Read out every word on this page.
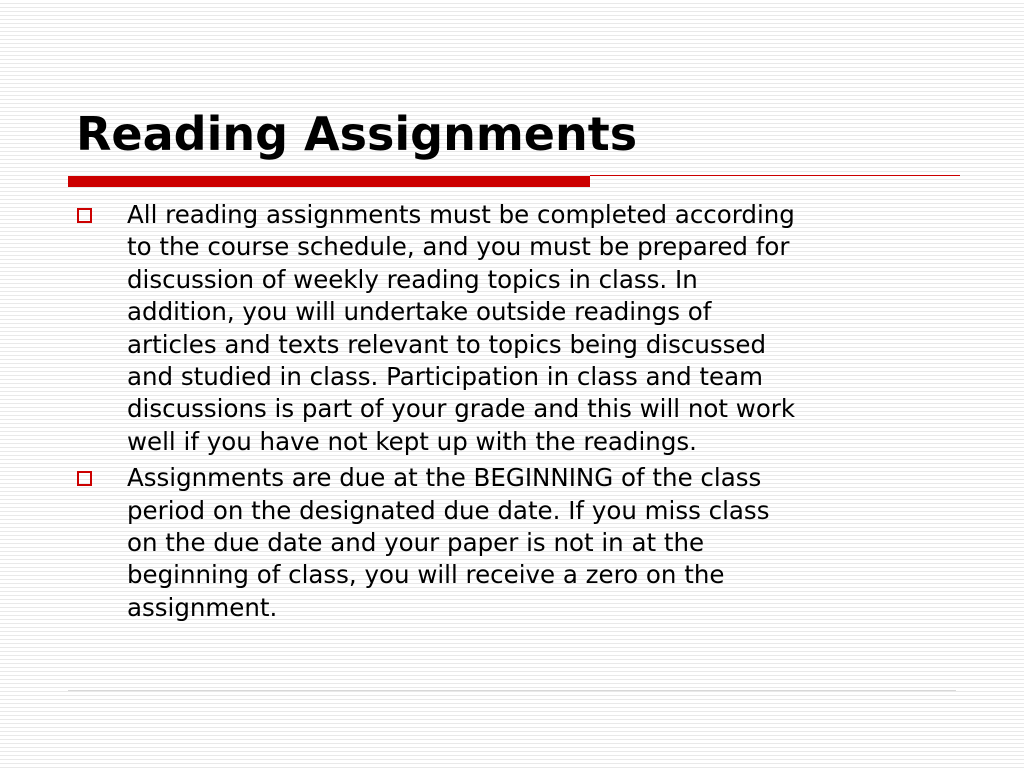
Reading Assignments
All reading assignments must be completed according
to the course schedule, and you must be prepared for
discussion of weekly reading topics in class. In
addition, you will undertake outside readings of
articles and texts relevant to topics being discussed
and studied in class. Participation in class and team
discussions is part of your grade and this will not work
well if you have not kept up with the readings.
Assignments are due at the BEGINNING of the class
period on the designated due date. If you miss class
on the due date and your paper is not in at the
beginning of class, you will receive a zero on the
assignment.
